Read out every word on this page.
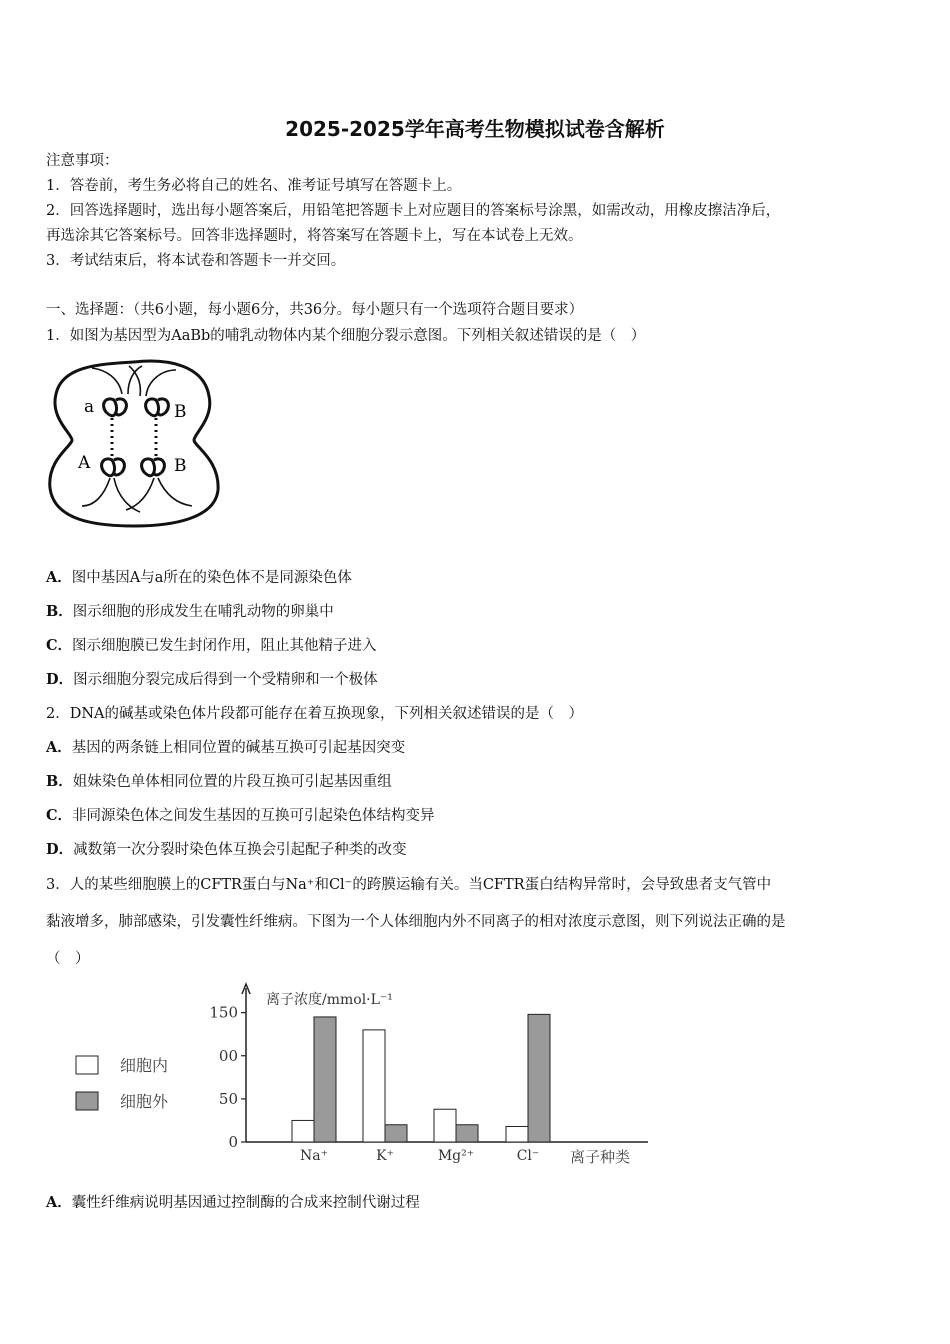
2025-2025学年高考生物模拟试卷含解析
注意事项：
1．答卷前，考生务必将自己的姓名、准考证号填写在答题卡上。
2．回答选择题时，选出每小题答案后，用铅笔把答题卡上对应题目的答案标号涂黑，如需改动，用橡皮擦洁净后，
再选涂其它答案标号。回答非选择题时，将答案写在答题卡上，写在本试卷上无效。
3．考试结束后，将本试卷和答题卡一并交回。
一、选择题：（共6小题，每小题6分，共36分。每小题只有一个选项符合题目要求）
1．如图为基因型为AaBb的哺乳动物体内某个细胞分裂示意图。下列相关叙述错误的是（　）
a	B
A	B
A．图中基因A与a所在的染色体不是同源染色体
B．图示细胞的形成发生在哺乳动物的卵巢中
C．图示细胞膜已发生封闭作用，阻止其他精子进入
D．图示细胞分裂完成后得到一个受精卵和一个极体
2．DNA的碱基或染色体片段都可能存在着互换现象，下列相关叙述错误的是（　）
A．基因的两条链上相同位置的碱基互换可引起基因突变
B．姐妹染色单体相同位置的片段互换可引起基因重组
C．非同源染色体之间发生基因的互换可引起染色体结构变异
D．减数第一次分裂时染色体互换会引起配子种类的改变
3．人的某些细胞膜上的CFTR蛋白与Na⁺和Cl⁻的跨膜运输有关。当CFTR蛋白结构异常时，会导致患者支气管中
黏液增多，肺部感染，引发囊性纤维病。下图为一个人体细胞内外不同离子的相对浓度示意图，则下列说法正确的是
（　）
细胞内
细胞外
离子浓度/mmol·L⁻¹
离子种类
150
00
50
0
Na⁺	K⁺	Mg²⁺	Cl⁻
A．囊性纤维病说明基因通过控制酶的合成来控制代谢过程
